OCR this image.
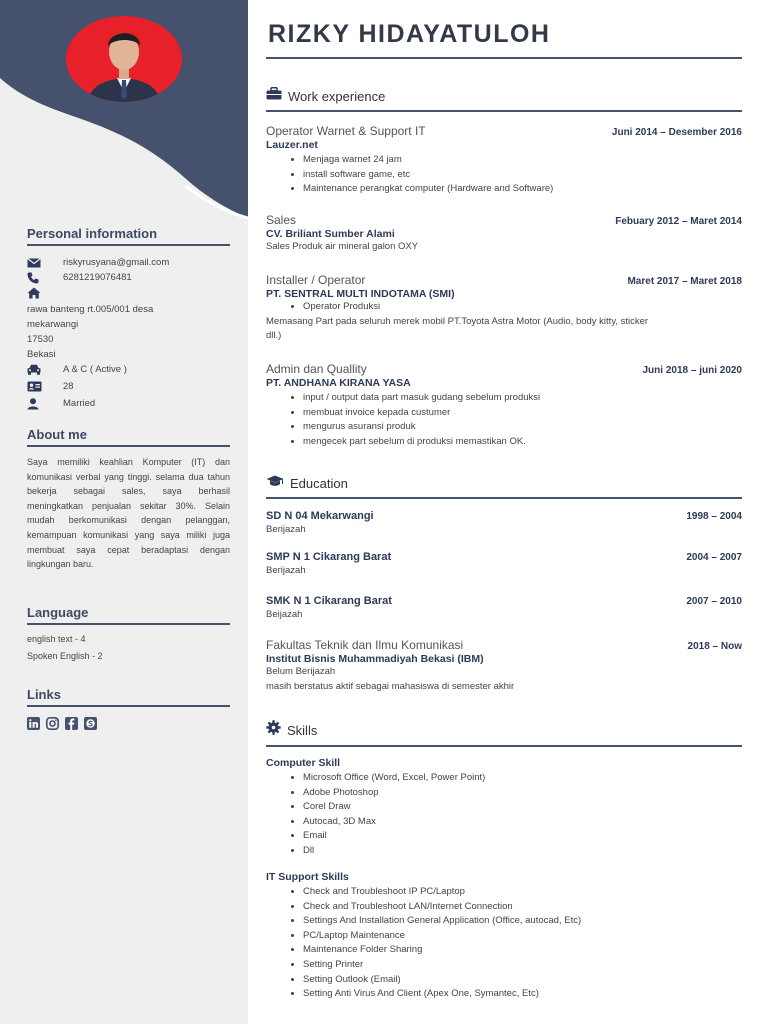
Personal information
riskyrusyana@gmail.com
6281219076481
rawa banteng rt.005/001 desa
mekarwangi
17530
Bekasi
A & C ( Active )
28
Married
About me
Saya memiliki keahlian Komputer (IT) dan komunikasi verbal yang tinggi. selama dua tahun bekerja sebagai sales, saya berhasil meningkatkan penjualan sekitar 30%. Selain mudah berkomunikasi dengan pelanggan, kemampuan komunikasi yang saya miliki juga membuat saya cepat beradaptasi dengan lingkungan baru.
Language
english text - 4
Spoken English - 2
Links
RIZKY HIDAYATULOH
Work experience
Operator Warnet & Support IT	Juni 2014 – Desember 2016
Lauzer.net
• Menjaga warnet 24 jam
• install software game, etc
• Maintenance perangkat computer (Hardware and Software)
Sales	Febuary 2012 – Maret 2014
CV. Briliant Sumber Alami
Sales Produk air mineral galon OXY
Installer / Operator	Maret 2017 – Maret 2018
PT. SENTRAL MULTI INDOTAMA (SMI)
• Operator Produksi
Memasang Part pada seluruh merek mobil PT.Toyota Astra Motor (Audio, body kitty, sticker dll.)
Admin dan Quallity	Juni 2018 – juni 2020
PT. ANDHANA KIRANA YASA
• input / output data part masuk gudang sebelum produksi
• membuat invoice kepada custumer
• mengurus asuransi produk
• mengecek part sebelum di produksi memastikan OK.
Education
SD N 04 Mekarwangi	1998 – 2004
Berijazah
SMP N 1 Cikarang Barat	2004 – 2007
Berijazah
SMK N 1 Cikarang Barat	2007 – 2010
Beijazah
Fakultas Teknik dan Ilmu Komunikasi	2018 – Now
Institut Bisnis Muhammadiyah Bekasi (IBM)
Belum Berijazah
masih berstatus aktif sebagai mahasiswa di semester akhir
Skills
Computer Skill
• Microsoft Office (Word, Excel, Power Point)
• Adobe Photoshop
• Corel Draw
• Autocad, 3D Max
• Email
• Dll
IT Support Skills
• Check and Troubleshoot IP PC/Laptop
• Check and Troubleshoot LAN/Internet Connection
• Settings And Installation General Application (Office, autocad, Etc)
• PC/Laptop Maintenance
• Maintenance Folder Sharing
• Setting Printer
• Setting Outlook (Email)
• Setting Anti Virus And Client (Apex One, Symantec, Etc)
